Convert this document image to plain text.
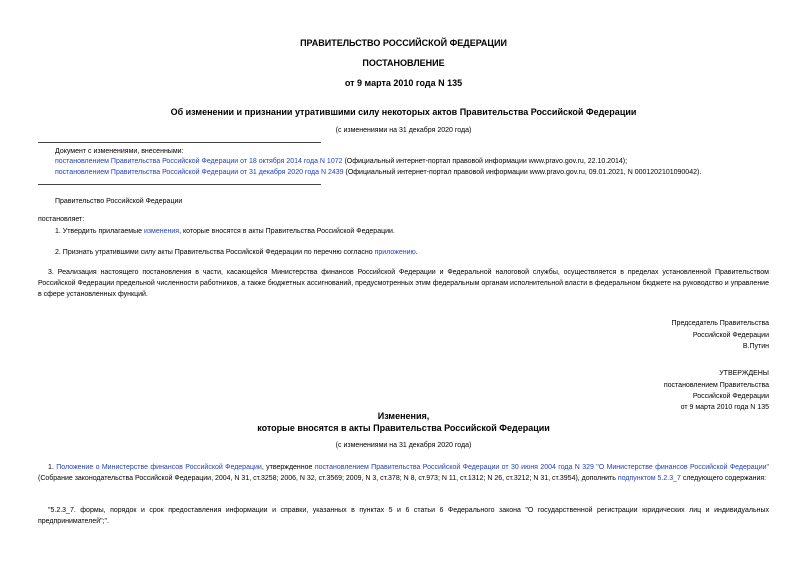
ПРАВИТЕЛЬСТВО РОССИЙСКОЙ ФЕДЕРАЦИИ
ПОСТАНОВЛЕНИЕ
от 9 марта 2010 года N 135
Об изменении и признании утратившими силу некоторых актов Правительства Российской Федерации
(с изменениями на 31 декабря 2020 года)
Документ с изменениями, внесенными:
постановлением Правительства Российской Федерации от 18 октября 2014 года N 1072 (Официальный интернет-портал правовой информации www.pravo.gov.ru, 22.10.2014);
постановлением Правительства Российской Федерации от 31 декабря 2020 года N 2439 (Официальный интернет-портал правовой информации www.pravo.gov.ru, 09.01.2021, N 0001202101090042).
Правительство Российской Федерации
постановляет:
1. Утвердить прилагаемые изменения, которые вносятся в акты Правительства Российской Федерации.
2. Признать утратившими силу акты Правительства Российской Федерации по перечню согласно приложению.
3. Реализация настоящего постановления в части, касающейся Министерства финансов Российской Федерации и Федеральной налоговой службы, осуществляется в пределах установленной Правительством Российской Федерации предельной численности работников, а также бюджетных ассигнований, предусмотренных этим федеральным органам исполнительной власти в федеральном бюджете на руководство и управление в сфере установленных функций.
Председатель Правительства
Российской Федерации
В.Путин
УТВЕРЖДЕНЫ
постановлением Правительства
Российской Федерации
от 9 марта 2010 года N 135
Изменения,
которые вносятся в акты Правительства Российской Федерации
(с изменениями на 31 декабря 2020 года)
1. Положение о Министерстве финансов Российской Федерации, утвержденное постановлением Правительства Российской Федерации от 30 июня 2004 года N 329 "О Министерстве финансов Российской Федерации" (Собрание законодательства Российской Федерации, 2004, N 31, ст.3258; 2006, N 32, ст.3569; 2009, N 3, ст.378; N 8, ст.973; N 11, ст.1312; N 26, ст.3212; N 31, ст.3954), дополнить подпунктом 5.2.3_7 следующего содержания:
"5.2.3_7. формы, порядок и срок предоставления информации и справки, указанных в пунктах 5 и 6 статьи 6 Федерального закона "О государственной регистрации юридических лиц и индивидуальных предпринимателей";".
